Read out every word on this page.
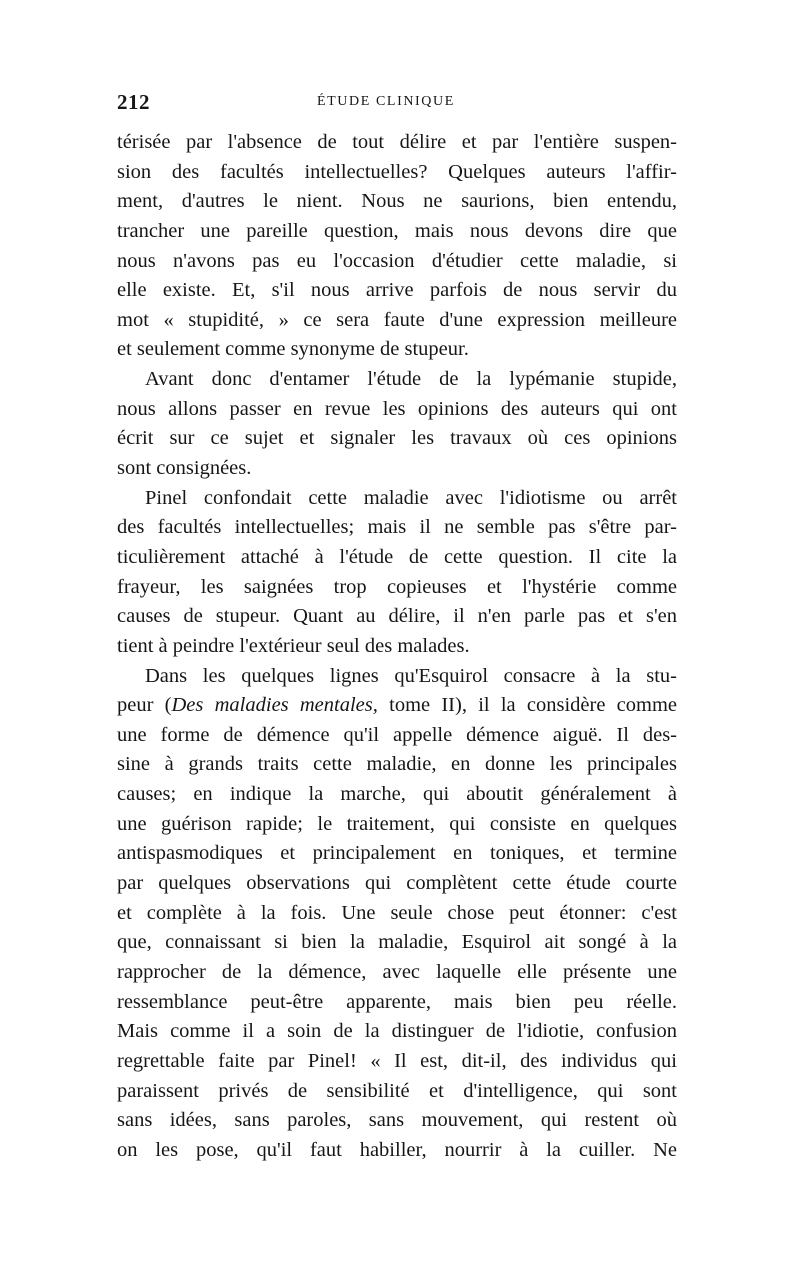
212	ÉTUDE CLINIQUE
térisée par l'absence de tout délire et par l'entière suspen-
sion des facultés intellectuelles? Quelques auteurs l'affir-
ment, d'autres le nient. Nous ne saurions, bien entendu,
trancher une pareille question, mais nous devons dire que
nous n'avons pas eu l'occasion d'étudier cette maladie, si
elle existe. Et, s'il nous arrive parfois de nous servir du
mot « stupidité, » ce sera faute d'une expression meilleure
et seulement comme synonyme de stupeur.
Avant donc d'entamer l'étude de la lypémanie stupide,
nous allons passer en revue les opinions des auteurs qui ont
écrit sur ce sujet et signaler les travaux où ces opinions
sont consignées.
Pinel confondait cette maladie avec l'idiotisme ou arrêt
des facultés intellectuelles; mais il ne semble pas s'être par-
ticulièrement attaché à l'étude de cette question. Il cite la
frayeur, les saignées trop copieuses et l'hystérie comme
causes de stupeur. Quant au délire, il n'en parle pas et s'en
tient à peindre l'extérieur seul des malades.
Dans les quelques lignes qu'Esquirol consacre à la stu-
peur (Des maladies mentales, tome II), il la considère comme
une forme de démence qu'il appelle démence aiguë. Il des-
sine à grands traits cette maladie, en donne les principales
causes; en indique la marche, qui aboutit généralement à
une guérison rapide; le traitement, qui consiste en quelques
antispasmodiques et principalement en toniques, et termine
par quelques observations qui complètent cette étude courte
et complète à la fois. Une seule chose peut étonner: c'est
que, connaissant si bien la maladie, Esquirol ait songé à la
rapprocher de la démence, avec laquelle elle présente une
ressemblance peut-être apparente, mais bien peu réelle.
Mais comme il a soin de la distinguer de l'idiotie, confusion
regrettable faite par Pinel! « Il est, dit-il, des individus qui
paraissent privés de sensibilité et d'intelligence, qui sont
sans idées, sans paroles, sans mouvement, qui restent où
on les pose, qu'il faut habiller, nourrir à la cuiller. Ne
